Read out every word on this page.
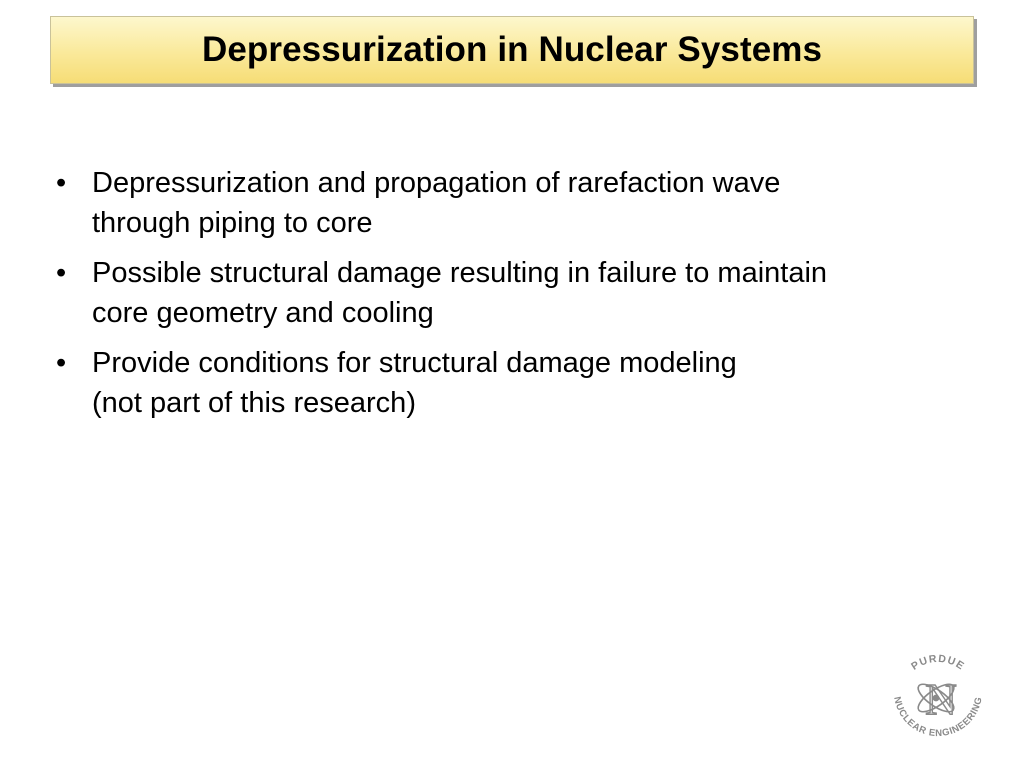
Depressurization in Nuclear Systems
• Depressurization and propagation of rarefaction wave
through piping to core
• Possible structural damage resulting in failure to maintain
core geometry and cooling
• Provide conditions for structural damage modeling
(not part of this research)
PURDUE
NUCLEAR ENGINEERING
N
